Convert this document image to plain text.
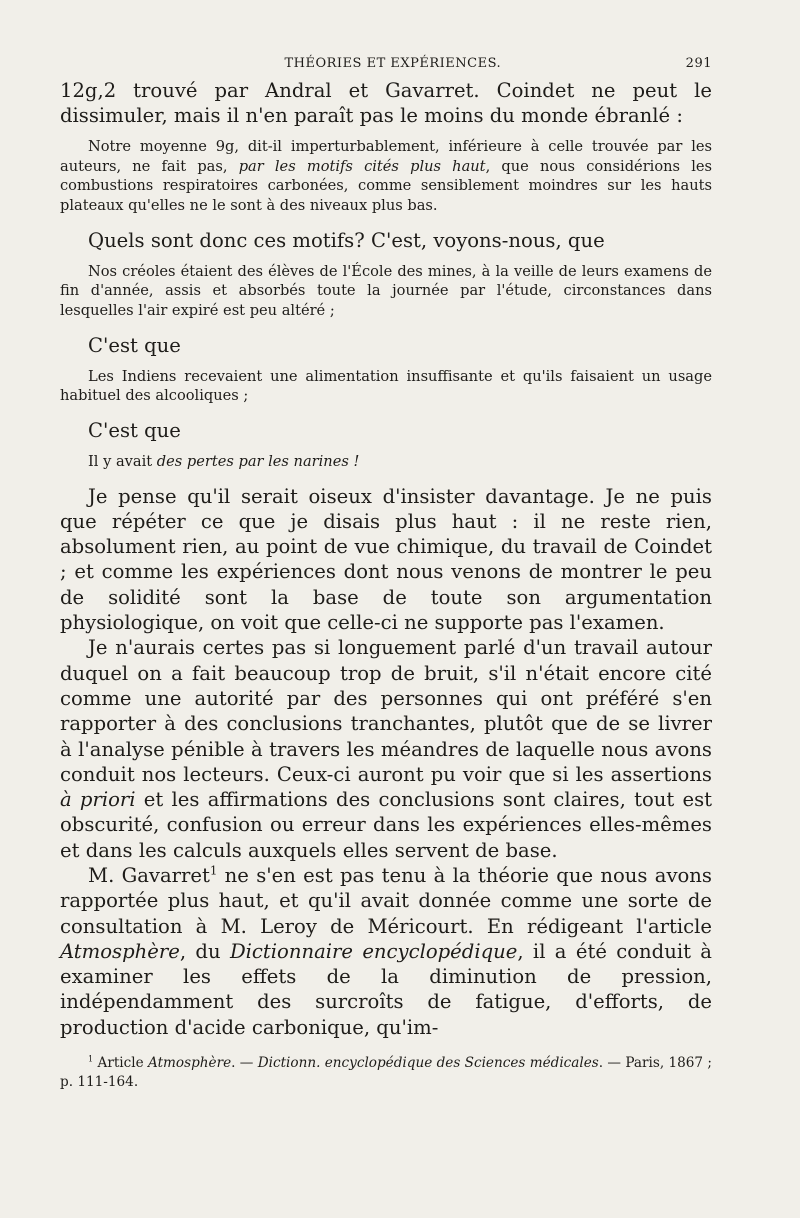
THÉORIES ET EXPÉRIENCES.	291

12g,2 trouvé par Andral et Gavarret. Coindet ne peut le dissimuler, mais il n'en paraît pas le moins du monde ébranlé :

Notre moyenne 9g, dit-il imperturbablement, inférieure à celle trouvée par les auteurs, ne fait pas, par les motifs cités plus haut, que nous considérions les combustions respiratoires carbonées, comme sensiblement moindres sur les hauts plateaux qu'elles ne le sont à des niveaux plus bas.

Quels sont donc ces motifs? C'est, voyons-nous, que

Nos créoles étaient des élèves de l'École des mines, à la veille de leurs examens de fin d'année, assis et absorbés toute la journée par l'étude, circonstances dans lesquelles l'air expiré est peu altéré ;

C'est que

Les Indiens recevaient une alimentation insuffisante et qu'ils faisaient un usage habituel des alcooliques ;

C'est que

Il y avait des pertes par les narines !

Je pense qu'il serait oiseux d'insister davantage. Je ne puis que répéter ce que je disais plus haut : il ne reste rien, absolument rien, au point de vue chimique, du travail de Coindet ; et comme les expériences dont nous venons de montrer le peu de solidité sont la base de toute son argumentation physiologique, on voit que celle-ci ne supporte pas l'examen.

Je n'aurais certes pas si longuement parlé d'un travail autour duquel on a fait beaucoup trop de bruit, s'il n'était encore cité comme une autorité par des personnes qui ont préféré s'en rapporter à des conclusions tranchantes, plutôt que de se livrer à l'analyse pénible à travers les méandres de laquelle nous avons conduit nos lecteurs. Ceux-ci auront pu voir que si les assertions à priori et les affirmations des conclusions sont claires, tout est obscurité, confusion ou erreur dans les expériences elles-mêmes et dans les calculs auxquels elles servent de base.

M. Gavarret$^1$ ne s'en est pas tenu à la théorie que nous avons rapportée plus haut, et qu'il avait donnée comme une sorte de consultation à M. Leroy de Méricourt. En rédigeant l'article Atmosphère, du Dictionnaire encyclopédique, il a été conduit à examiner les effets de la diminution de pression, indépendamment des surcroîts de fatigue, d'efforts, de production d'acide carbonique, qu'im-

$^1$ Article Atmosphère. — Dictionn. encyclopédique des Sciences médicales. — Paris, 1867 ; p. 111-164.
